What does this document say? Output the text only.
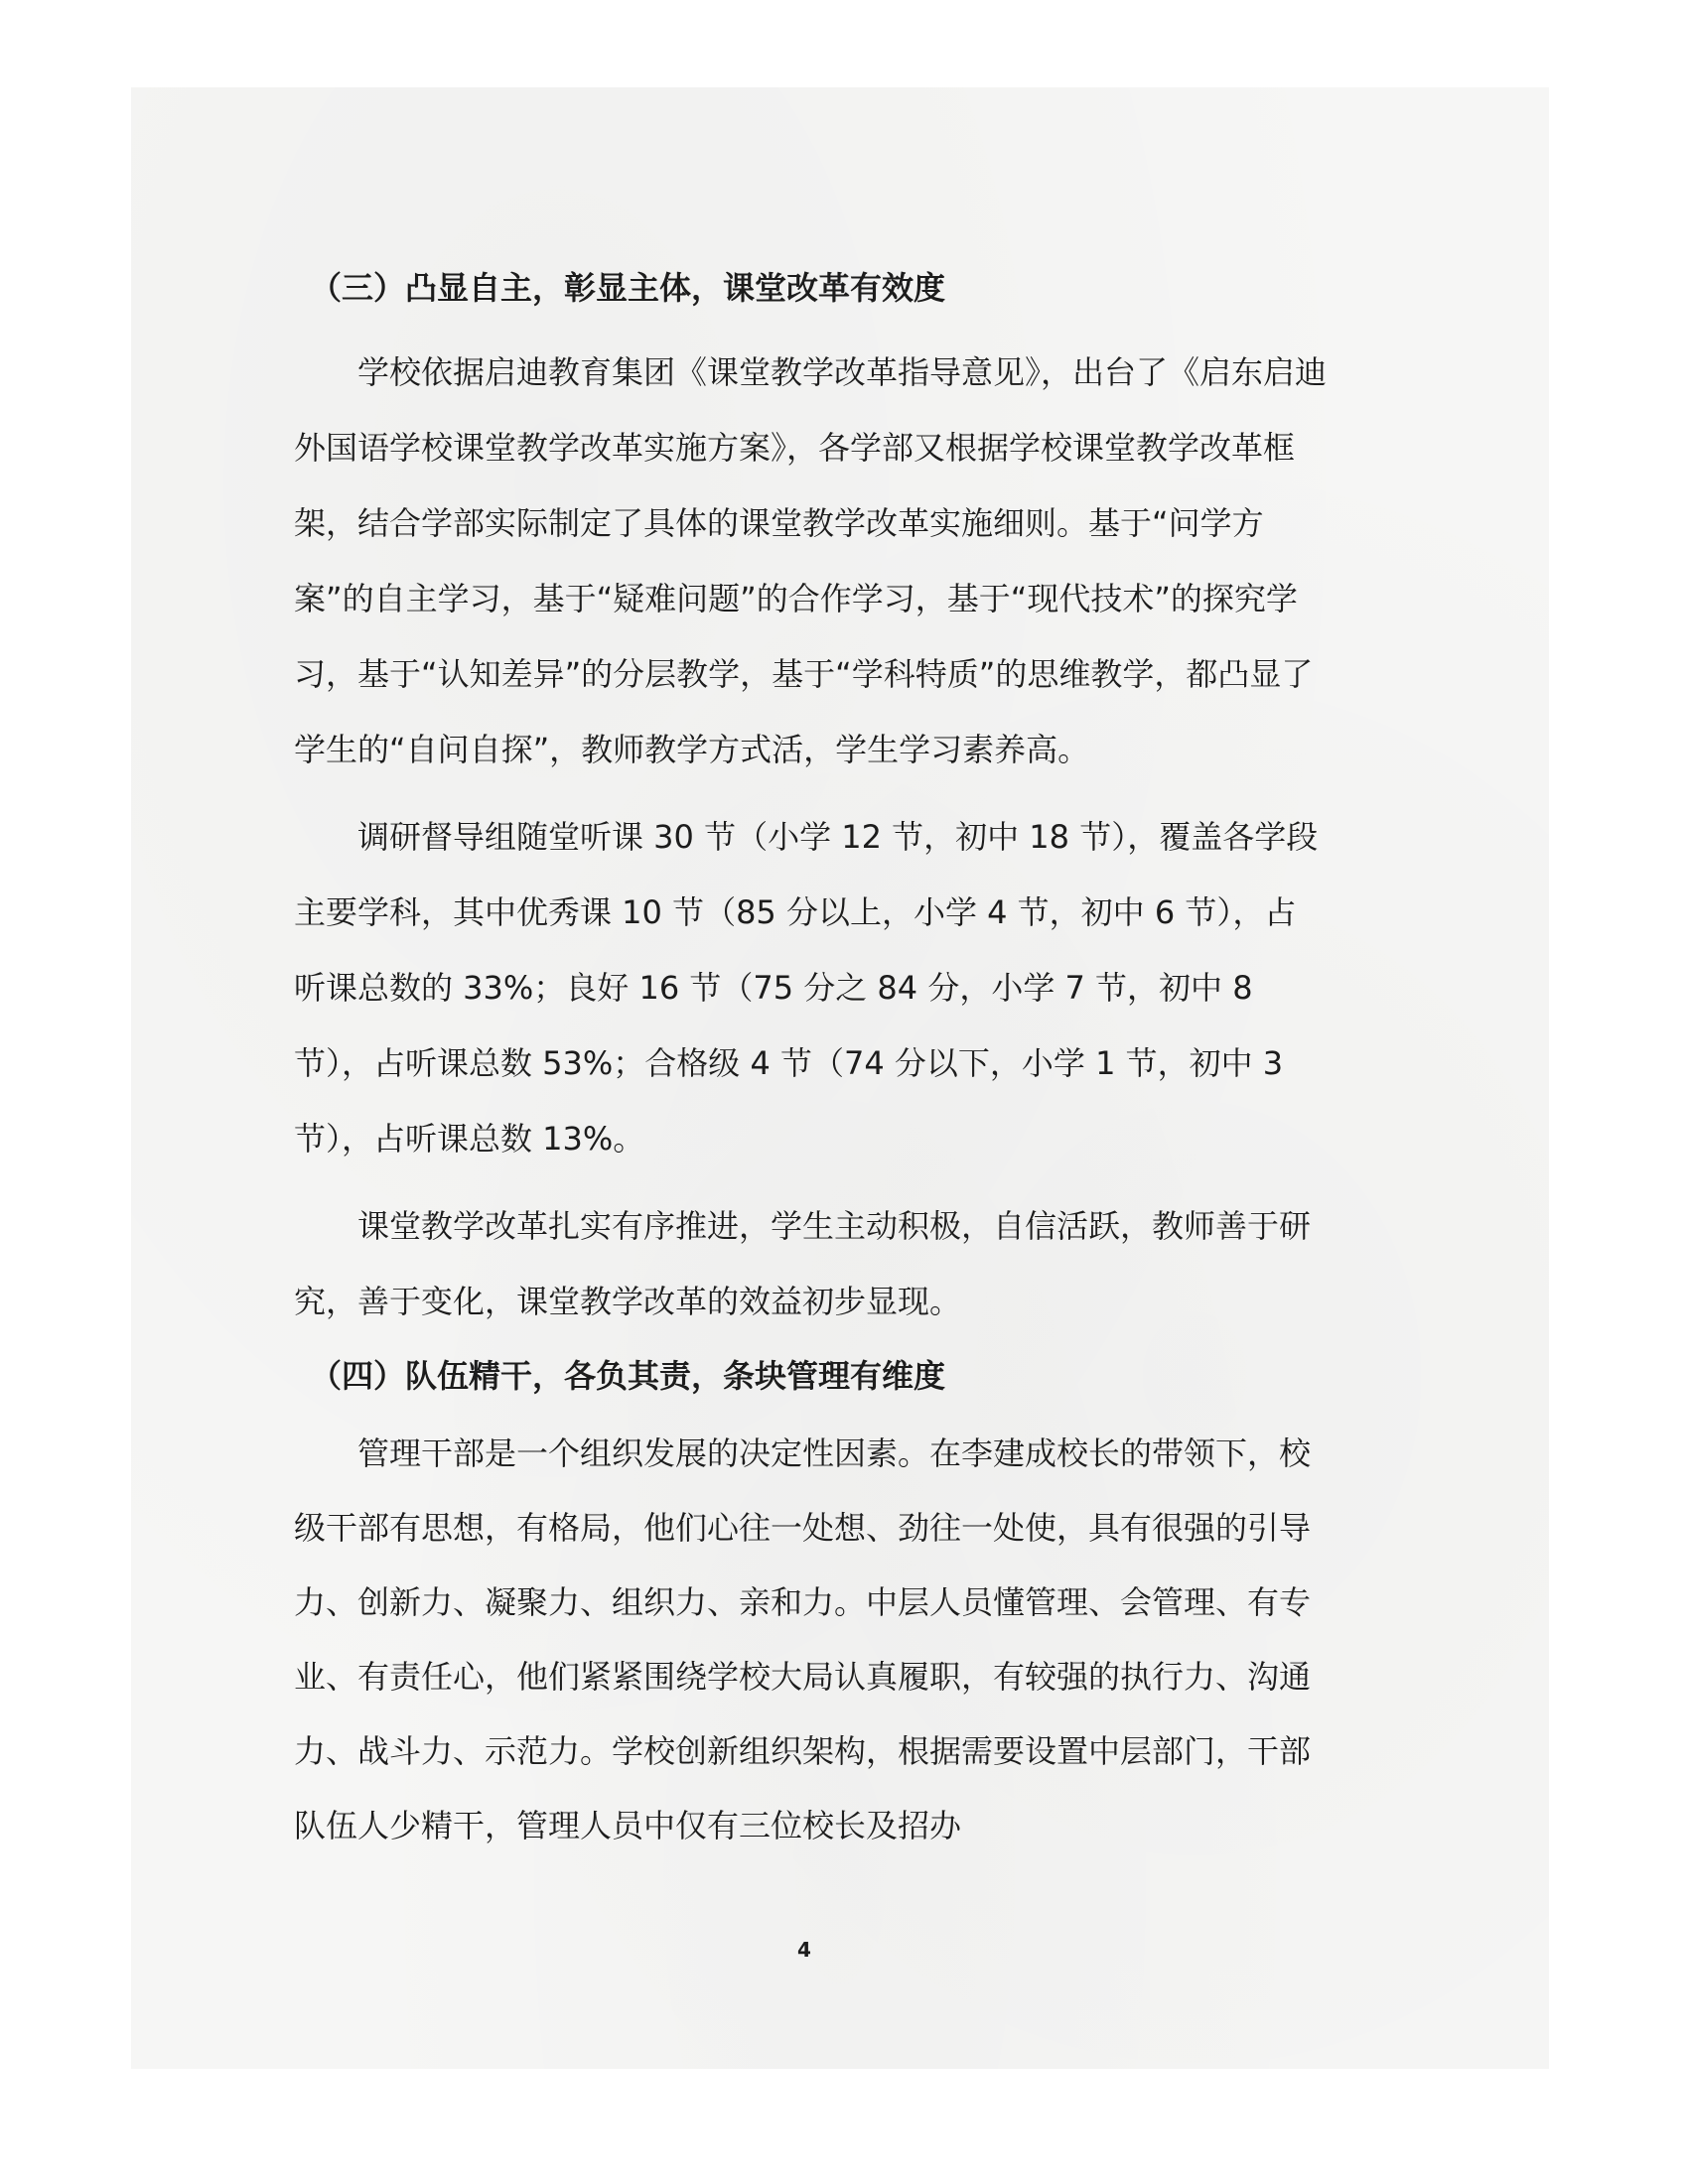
（三）凸显自主，彰显主体，课堂改革有效度

学校依据启迪教育集团《课堂教学改革指导意见》，出台了《启东启迪外国语学校课堂教学改革实施方案》，各学部又根据学校课堂教学改革框架，结合学部实际制定了具体的课堂教学改革实施细则。基于“问学方案”的自主学习，基于“疑难问题”的合作学习，基于“现代技术”的探究学习，基于“认知差异”的分层教学，基于“学科特质”的思维教学，都凸显了学生的“自问自探”，教师教学方式活，学生学习素养高。

调研督导组随堂听课 30 节（小学 12 节，初中 18 节），覆盖各学段主要学科，其中优秀课 10 节（85 分以上，小学 4 节，初中 6 节），占听课总数的 33%；良好 16 节（75 分之 84 分，小学 7 节，初中 8 节），占听课总数 53%；合格级 4 节（74 分以下，小学 1 节，初中 3 节），占听课总数 13%。

课堂教学改革扎实有序推进，学生主动积极，自信活跃，教师善于研究，善于变化，课堂教学改革的效益初步显现。

（四）队伍精干，各负其责，条块管理有维度

管理干部是一个组织发展的决定性因素。在李建成校长的带领下，校级干部有思想，有格局，他们心往一处想、劲往一处使，具有很强的引导力、创新力、凝聚力、组织力、亲和力。中层人员懂管理、会管理、有专业、有责任心，他们紧紧围绕学校大局认真履职，有较强的执行力、沟通力、战斗力、示范力。学校创新组织架构，根据需要设置中层部门，干部队伍人少精干，管理人员中仅有三位校长及招办

4
